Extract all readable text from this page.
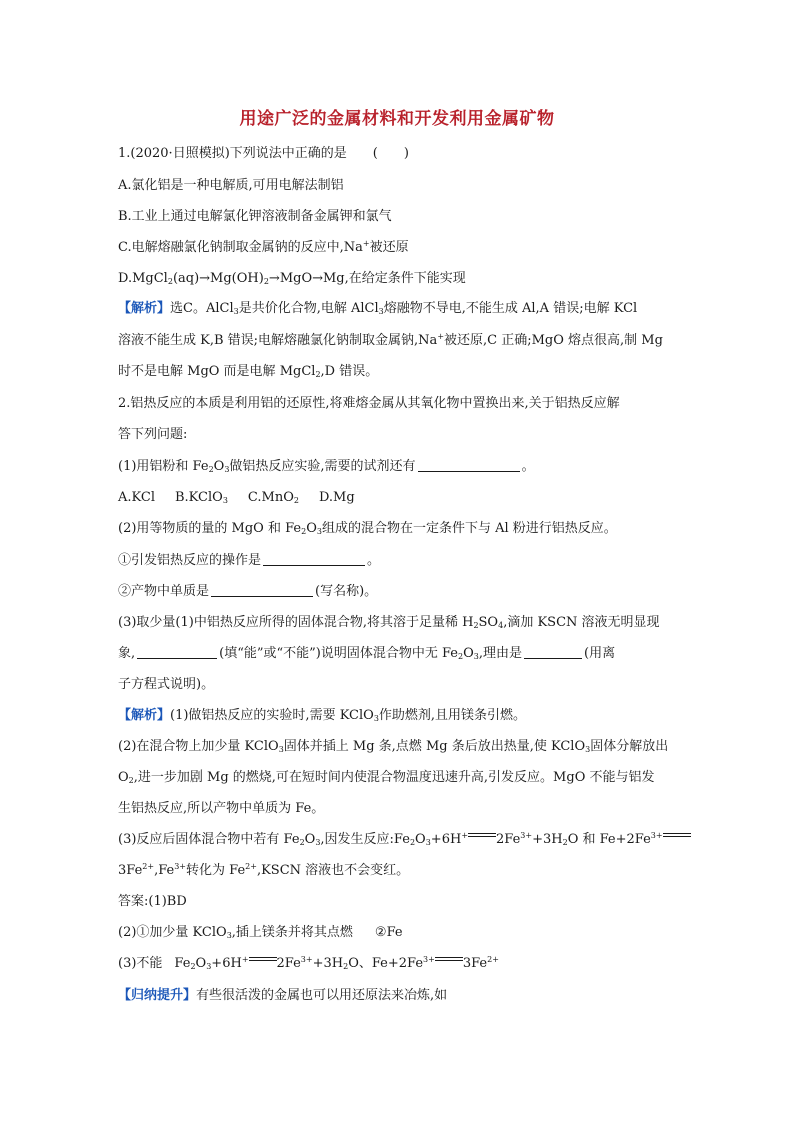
用途广泛的金属材料和开发利用金属矿物
1.(2020·日照模拟)下列说法中正确的是　　(　　)
A.氯化铝是一种电解质,可用电解法制铝
B.工业上通过电解氯化钾溶液制备金属钾和氯气
C.电解熔融氯化钠制取金属钠的反应中,Na+被还原
$D.MgCl_2(aq)\to Mg(OH)_2\to MgO\to Mg$,在给定条件下能实现
【解析】选C。AlCl$_3$是共价化合物,电解 AlCl$_3$熔融物不导电,不能生成 Al,A 错误;电解 KCl
溶液不能生成 K,B 错误;电解熔融氯化钠制取金属钠,Na+被还原,C 正确;MgO 熔点很高,制 Mg
时不是电解 MgO 而是电解 MgCl$_2$,D 错误。
2.铝热反应的本质是利用铝的还原性,将难熔金属从其氧化物中置换出来,关于铝热反应解
答下列问题:
(1)用铝粉和 $Fe_2O_3$做铝热反应实验,需要的试剂还有	。
A.KCl B.KClO$_3$ C.MnO$_2$ D.Mg
(2)用等物质的量的 MgO 和 $Fe_2O_3$组成的混合物在一定条件下与 Al 粉进行铝热反应。
①引发铝热反应的操作是	。
②产物中单质是	(写名称)。
(3)取少量(1)中铝热反应所得的固体混合物,将其溶于足量稀 $H_2SO_4$,滴加 KSCN 溶液无明显现
象,	(填“能”或“不能”)说明固体混合物中无 $Fe_2O_3$,理由是	(用离
子方程式说明)。
【解析】(1)做铝热反应的实验时,需要 KClO$_3$作助燃剂,且用镁条引燃。
(2)在混合物上加少量 KClO$_3$固体并插上 Mg 条,点燃 Mg 条后放出热量,使 KClO$_3$固体分解放出
$O_2$,进一步加剧 Mg 的燃烧,可在短时间内使混合物温度迅速升高,引发反应。MgO 不能与铝发
生铝热反应,所以产物中单质为 Fe。
(3)反应后固体混合物中若有 $Fe_2O_3$,因发生反应$:Fe_2O_3+6H^+$ $2Fe^{3+}+3H_2O$ 和 $Fe+2Fe^{3+}$
$3Fe^{2+},Fe^{3+}$转化为 $Fe^{2+},KSCN$ 溶液也不会变红。
答案:(1)BD
(2)①加少量 KClO$_3$,插上镁条并将其点燃 ②Fe
(3)不能 $Fe_2O_3+6H^+$ $2Fe^{3+}+3H_2O$、$Fe+2Fe^{3+}$ $3Fe^{2+}$
【归纳提升】有些很活泼的金属也可以用还原法来冶炼,如
